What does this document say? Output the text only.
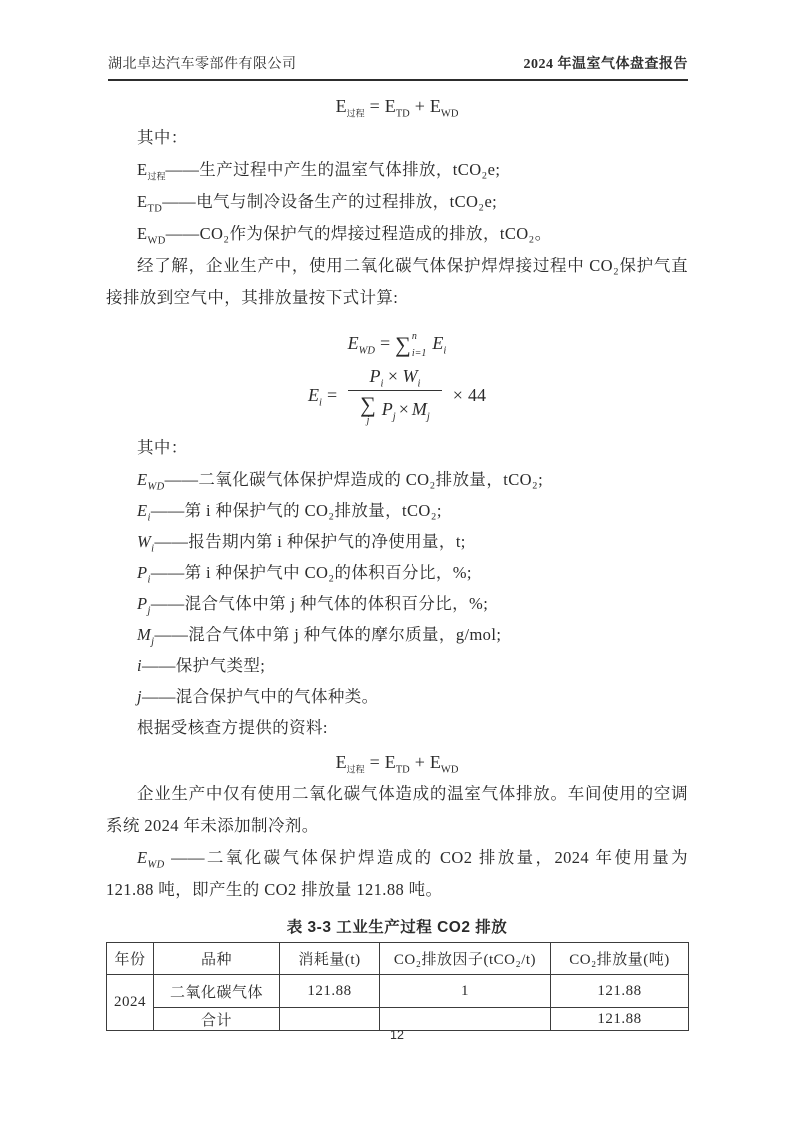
湖北卓达汽车零部件有限公司	2024 年温室气体盘查报告
$E_{过程} = E_{TD} + E_{WD}$

其中：

$E_{过程}——$生产过程中产生的温室气体排放，tCO₂e;

$E_{TD}——$电气与制冷设备生产的过程排放，tCO₂e;

$E_{WD}——CO_2$作为保护气的焊接过程造成的排放，tCO₂。

经了解，企业生产中，使用二氧化碳气体保护焊焊接过程中 CO₂保护气直接排放到空气中，其排放量按下式计算:

$E_{WD}$ = ∑ n
i=1
$E_i$
$E_i = P_i \times W_i$
∑
j
$P_j \times M_j \times 44$

其中：

$E_{WD}——$二氧化碳气体保护焊造成的 CO₂排放量，tCO₂;

$E_i——$第 i 种保护气的 CO₂排放量，tCO₂;

$W_i——$报告期内第 i 种保护气的净使用量，t;

$P_i——$第 i 种保护气中 CO₂的体积百分比，%;

$P_j——$混合气体中第 j 种气体的体积百分比，%;

$M_j——$混合气体中第 j 种气体的摩尔质量，g/mol;

i——保护气类型;

j——混合保护气中的气体种类。

根据受核查方提供的资料:

$E_{过程} = E_{TD} + E_{WD}$

企业生产中仅有使用二氧化碳气体造成的温室气体排放。车间使用的空调系统 2024 年未添加制冷剂。

$E_{WD}$ ——二氧化碳气体保护焊造成的 CO2 排放量，2024 年使用量为 121.88 吨，即产生的 CO2 排放量 121.88 吨。

表 3-3 工业生产过程 CO2 排放

年份	品种	消耗量(t)	CO₂排放因子(tCO₂/t)	CO₂排放量(吨)
2024	二氧化碳气体	121.88	1	121.88
	合计			121.88
12
